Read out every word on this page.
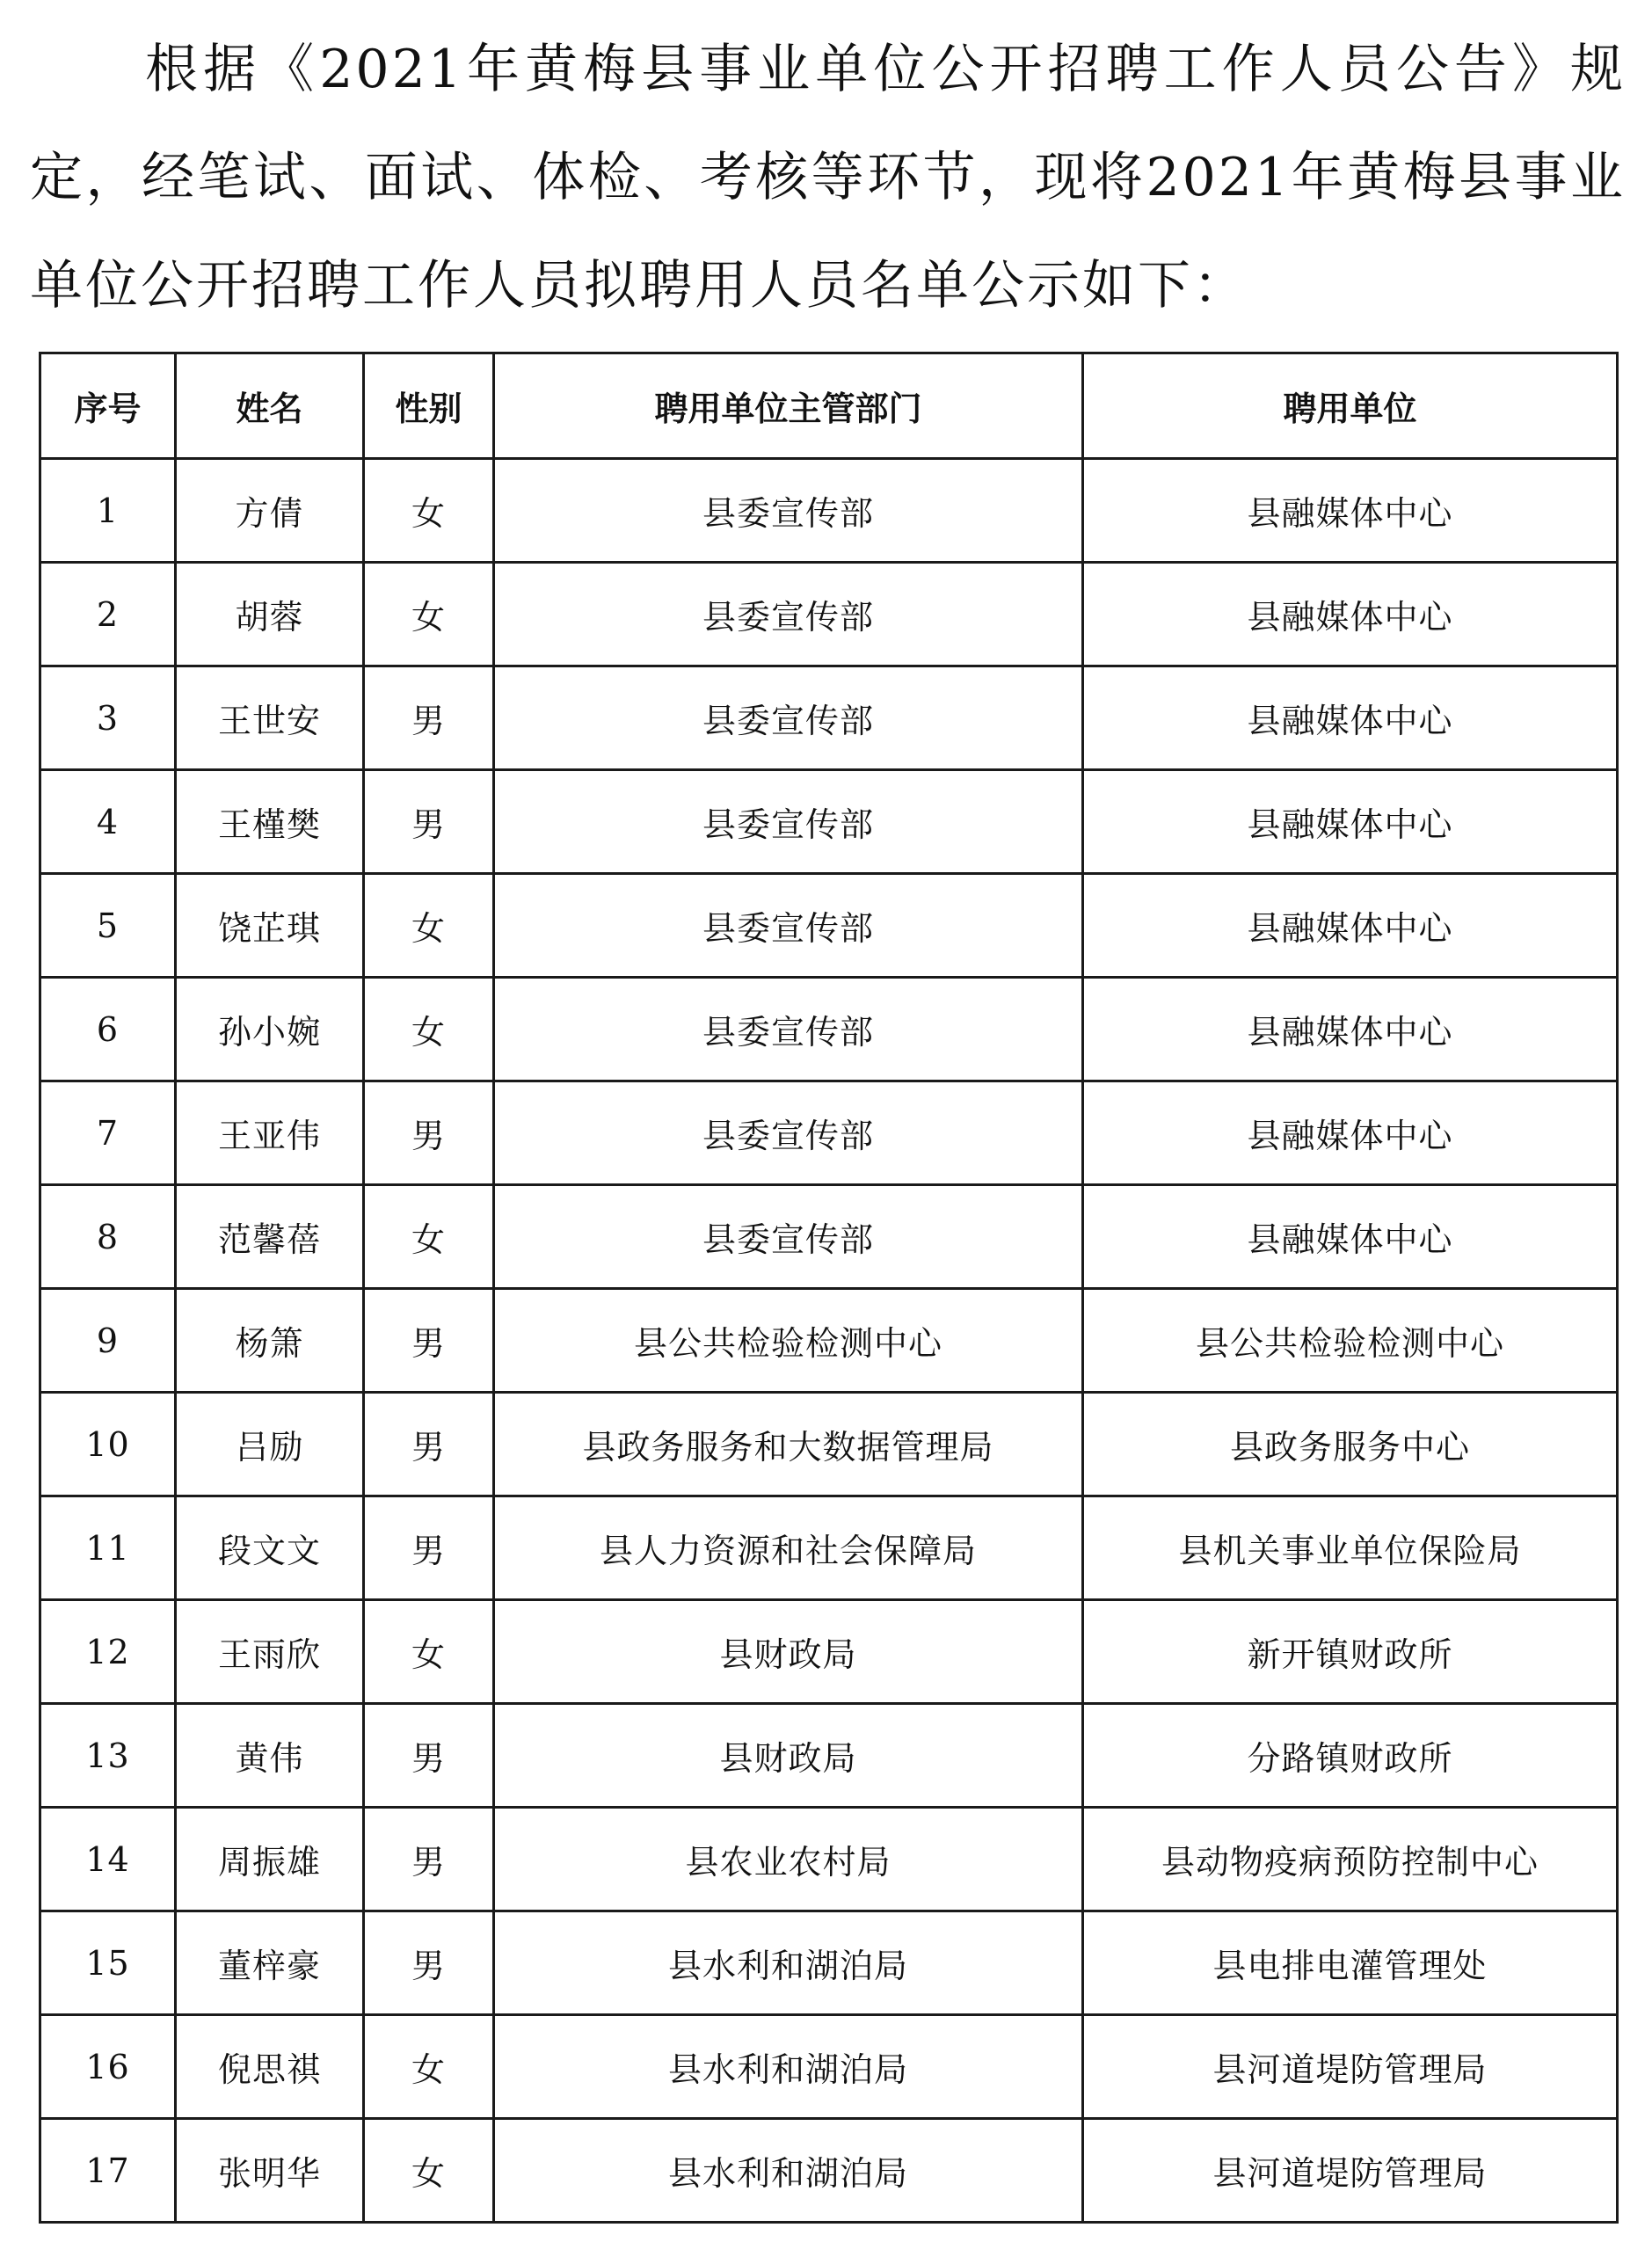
根据《2021年黄梅县事业单位公开招聘工作人员公告》规定，经笔试、面试、体检、考核等环节，现将2021年黄梅县事业单位公开招聘工作人员拟聘用人员名单公示如下：
序号	姓名	性别	聘用单位主管部门	聘用单位
1	方倩	女	县委宣传部	县融媒体中心
2	胡蓉	女	县委宣传部	县融媒体中心
3	王世安	男	县委宣传部	县融媒体中心
4	王槿樊	男	县委宣传部	县融媒体中心
5	饶芷琪	女	县委宣传部	县融媒体中心
6	孙小婉	女	县委宣传部	县融媒体中心
7	王亚伟	男	县委宣传部	县融媒体中心
8	范馨蓓	女	县委宣传部	县融媒体中心
9	杨箫	男	县公共检验检测中心	县公共检验检测中心
10	吕励	男	县政务服务和大数据管理局	县政务服务中心
11	段文文	男	县人力资源和社会保障局	县机关事业单位保险局
12	王雨欣	女	县财政局	新开镇财政所
13	黄伟	男	县财政局	分路镇财政所
14	周振雄	男	县农业农村局	县动物疫病预防控制中心
15	董梓豪	男	县水利和湖泊局	县电排电灌管理处
16	倪思祺	女	县水利和湖泊局	县河道堤防管理局
17	张明华	女	县水利和湖泊局	县河道堤防管理局
